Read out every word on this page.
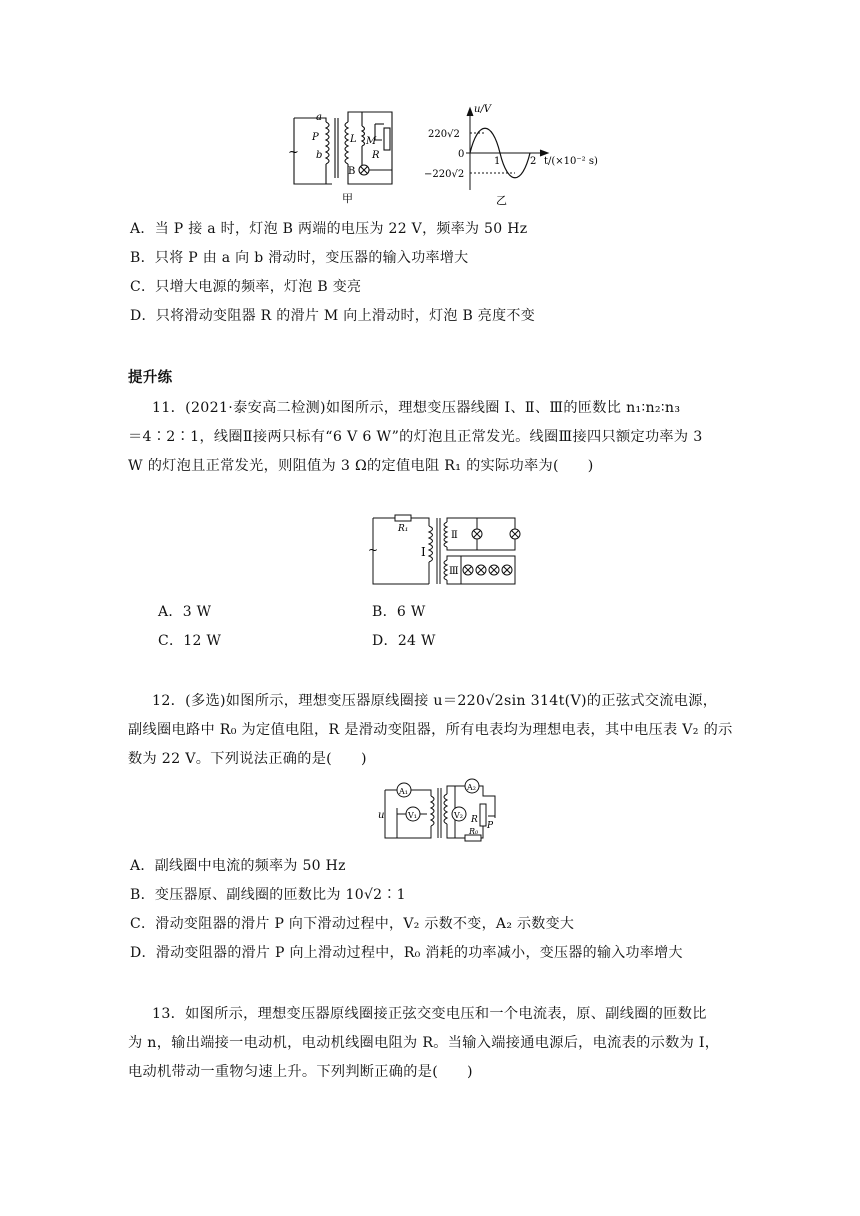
~
a
P
b
L M
R
B
甲
u/V
220√2
0
−220√2
1	2 t/(×10⁻² s)
乙
A．当 P 接 a 时，灯泡 B 两端的电压为 22 V，频率为 50 Hz
B．只将 P 由 a 向 b 滑动时，变压器的输入功率增大
C．只增大电源的频率，灯泡 B 变亮
D．只将滑动变阻器 R 的滑片 M 向上滑动时，灯泡 B 亮度不变
提升练
11．(2021·泰安高二检测)如图所示，理想变压器线圈 Ⅰ、Ⅱ、Ⅲ的匝数比 n₁∶n₂∶n₃
＝4∶2∶1，线圈Ⅱ接两只标有“6 V 6 W”的灯泡且正常发光。线圈Ⅲ接四只额定功率为 3
W 的灯泡且正常发光，则阻值为 3 Ω的定值电阻 R₁ 的实际功率为(　　)
~
R₁
Ⅰ
Ⅱ
Ⅲ
A．3 W	B．6 W
C．12 W	D．24 W
12．(多选)如图所示，理想变压器原线圈接 u＝220√2sin 314t(V)的正弦式交流电源，
副线圈电路中 R₀ 为定值电阻，R 是滑动变阻器，所有电表均为理想电表，其中电压表 V₂ 的示
数为 22 V。下列说法正确的是(　　)
A₁
V₁
A₂
V₂
u	R
R₀
P
A．副线圈中电流的频率为 50 Hz
B．变压器原、副线圈的匝数比为 10√2∶1
C．滑动变阻器的滑片 P 向下滑动过程中，V₂ 示数不变，A₂ 示数变大
D．滑动变阻器的滑片 P 向上滑动过程中，R₀ 消耗的功率减小，变压器的输入功率增大
13．如图所示，理想变压器原线圈接正弦交变电压和一个电流表，原、副线圈的匝数比
为 n，输出端接一电动机，电动机线圈电阻为 R。当输入端接通电源后，电流表的示数为 I，
电动机带动一重物匀速上升。下列判断正确的是(　　)
